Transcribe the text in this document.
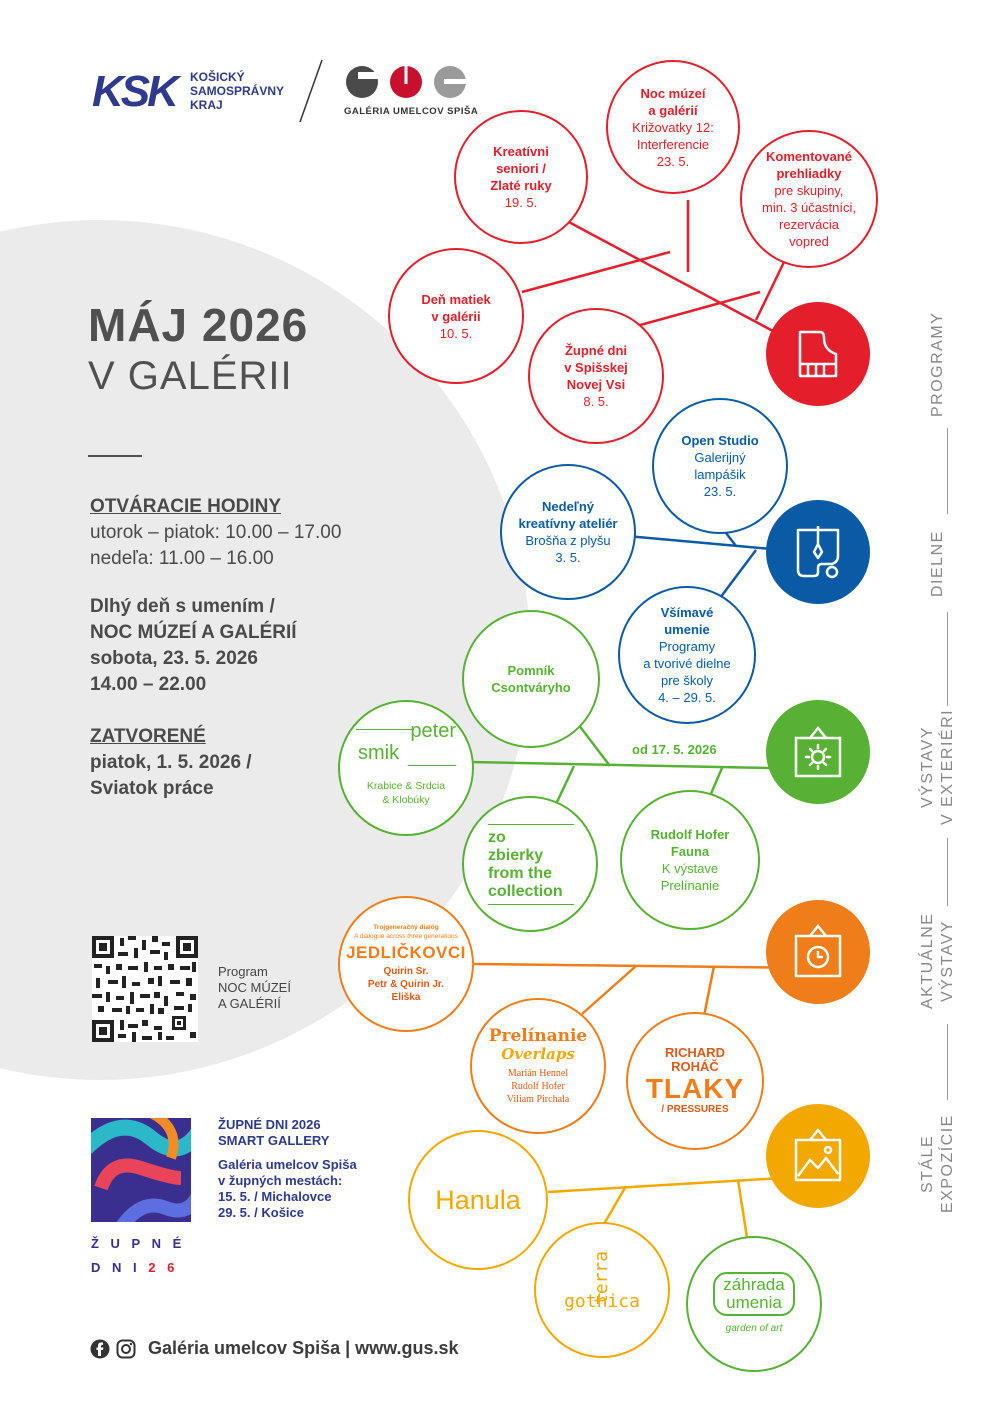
KSK KOŠICKÝ
SAMOSPRÁVNY
KRAJ	GALÉRIA UMELCOV SPIŠA
MÁJ 2026
V GALÉRII
OTVÁRACIE HODINY
utorok – piatok: 10.00 – 17.00
nedeľa: 11.00 – 16.00
Dlhý deň s umením /
NOC MÚZEÍ A GALÉRIÍ
sobota, 23. 5. 2026
14.00 – 22.00
ZATVORENÉ
piatok, 1. 5. 2026 /
Sviatok práce
Program
NOC MÚZEÍ
A GALÉRIÍ
Ž U P N É
D N I 2 6
ŽUPNÉ DNI 2026
SMART GALLERY
Galéria umelcov Spiša
v župných mestách:
15. 5. / Michalovce
29. 5. / Košice
Galéria umelcov Spiša | www.gus.sk
PROGRAMY
DIELNE
VÝSTAVY V EXTERIÉRI
AKTUÁLNE VÝSTAVY
STÁLE EXPOZÍCIE
Noc múzeí
a galérií
Križovatky 12:
Interferencie
23. 5.
Kreatívni
seniori /
Zlaté ruky
19. 5.
Komentované
prehliadky
pre skupiny,
min. 3 účastníci,
rezervácia
vopred
Deň matiek
v galérii
10. 5.
Župné dni
v Spišskej
Novej Vsi
8. 5.
Open Studio
Galerijný
lampášik
23. 5.
Nedeľný
kreatívny ateliér
Brošňa z plyšu
3. 5.
Všímavé
umenie
Programy
a tvorivé dielne
pre školy
4. – 29. 5.
Pomník
Csontváryho
peter
smik
Krabice & Srdcia
& Klobúky
od 17. 5. 2026
zo
zbierky
from the
collection
Rudolf Hofer
Fauna
K výstave
Prelínanie
Trojgeneračný dialóg
A dialogue across three generations
JEDLIČKOVCI
Quirin Sr.
Petr & Quirin Jr.
Eliška
Prelínanie
Overlaps
Marián Hennel
Rudolf Hofer
Viliam Pirchala
RICHARD
ROHÁČ
TLAKY
/ PRESSURES
Hanula
terra
gothica
záhrada
umenia
garden of art
